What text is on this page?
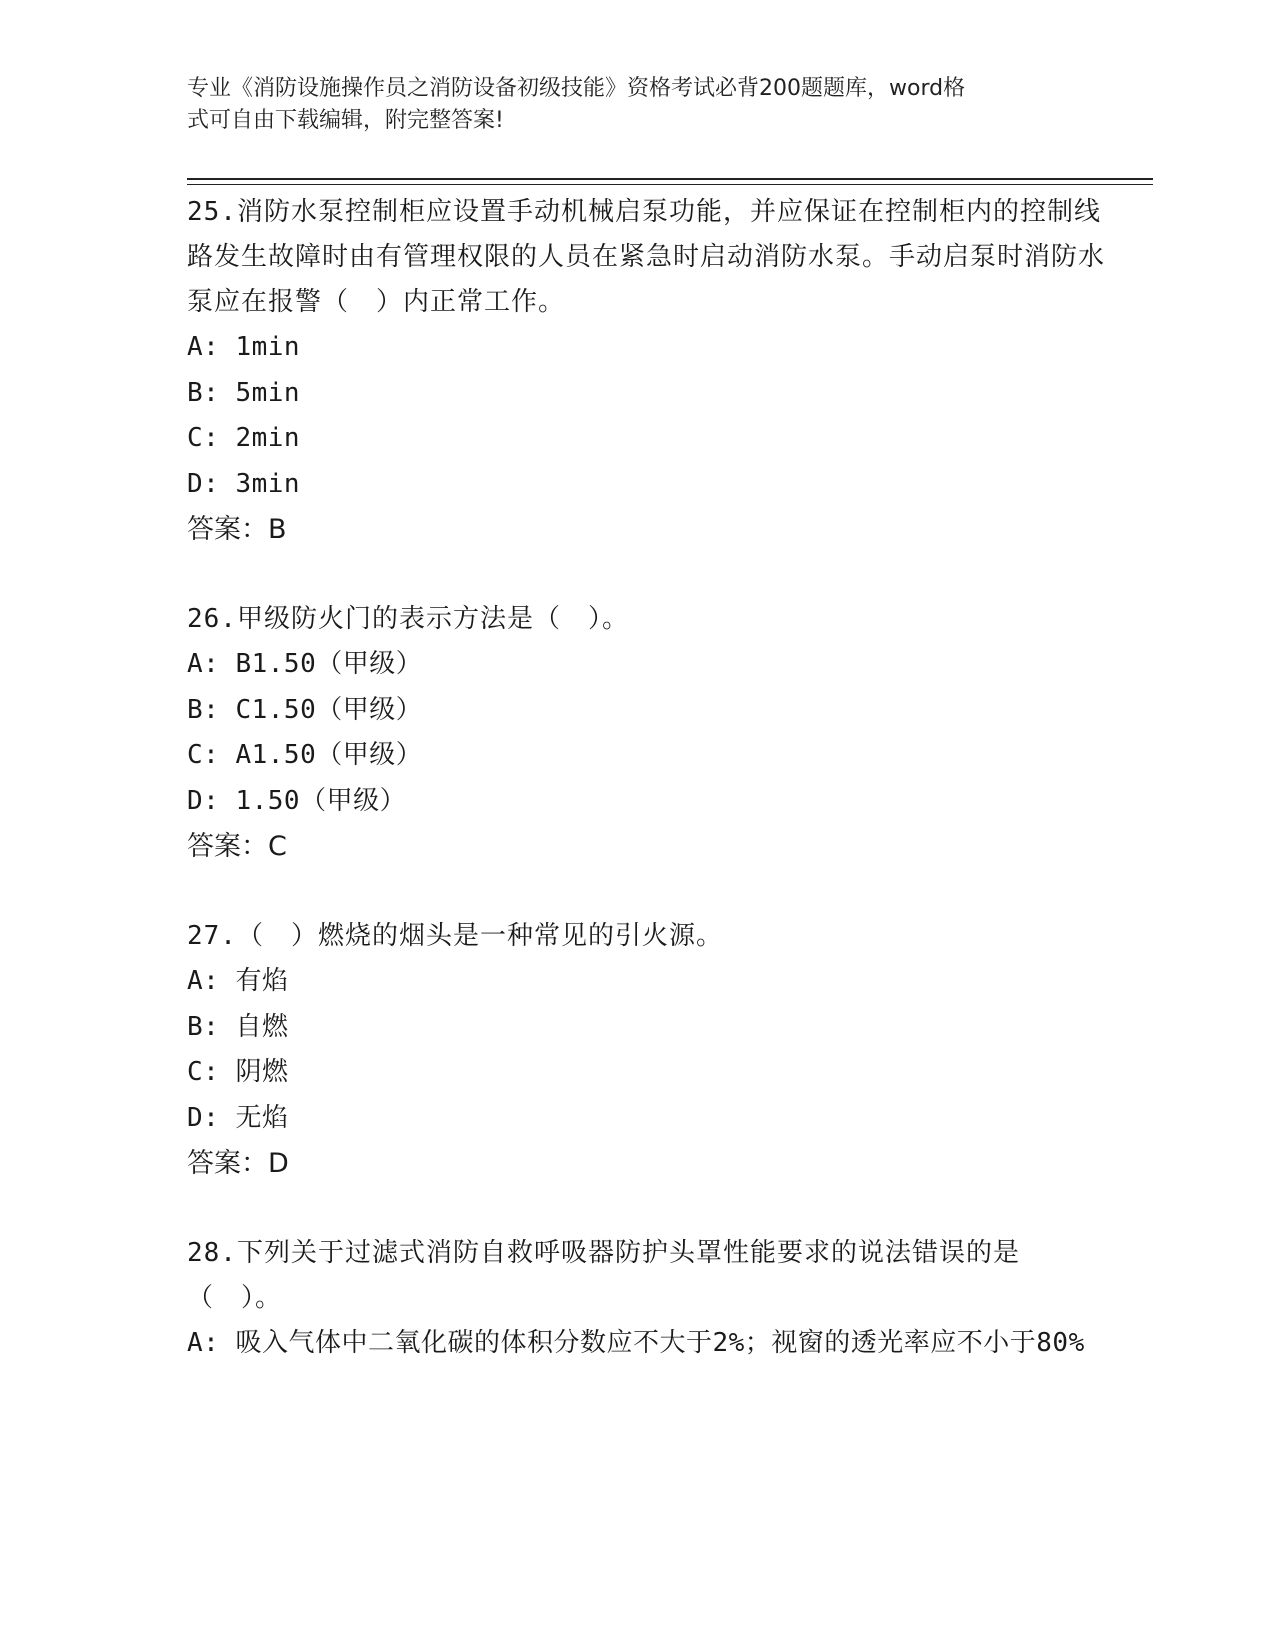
专业《消防设施操作员之消防设备初级技能》资格考试必背200题题库，word格
式可自由下载编辑，附完整答案!

25.消防水泵控制柜应设置手动机械启泵功能，并应保证在控制柜内的控制线路发生故障时由有管理权限的人员在紧急时启动消防水泵。手动启泵时消防水泵应在报警（　）内正常工作。

A: 1min

B: 5min

C: 2min

D: 3min

答案：B

26.甲级防火门的表示方法是（　）。

A: B1.50（甲级）

B: C1.50（甲级）

C: A1.50（甲级）

D: 1.50（甲级）

答案：C

27.（　）燃烧的烟头是一种常见的引火源。

A: 有焰

B: 自燃

C: 阴燃

D: 无焰

答案：D

28.下列关于过滤式消防自救呼吸器防护头罩性能要求的说法错误的是（　）。

A: 吸入气体中二氧化碳的体积分数应不大于2%；视窗的透光率应不小于80%
